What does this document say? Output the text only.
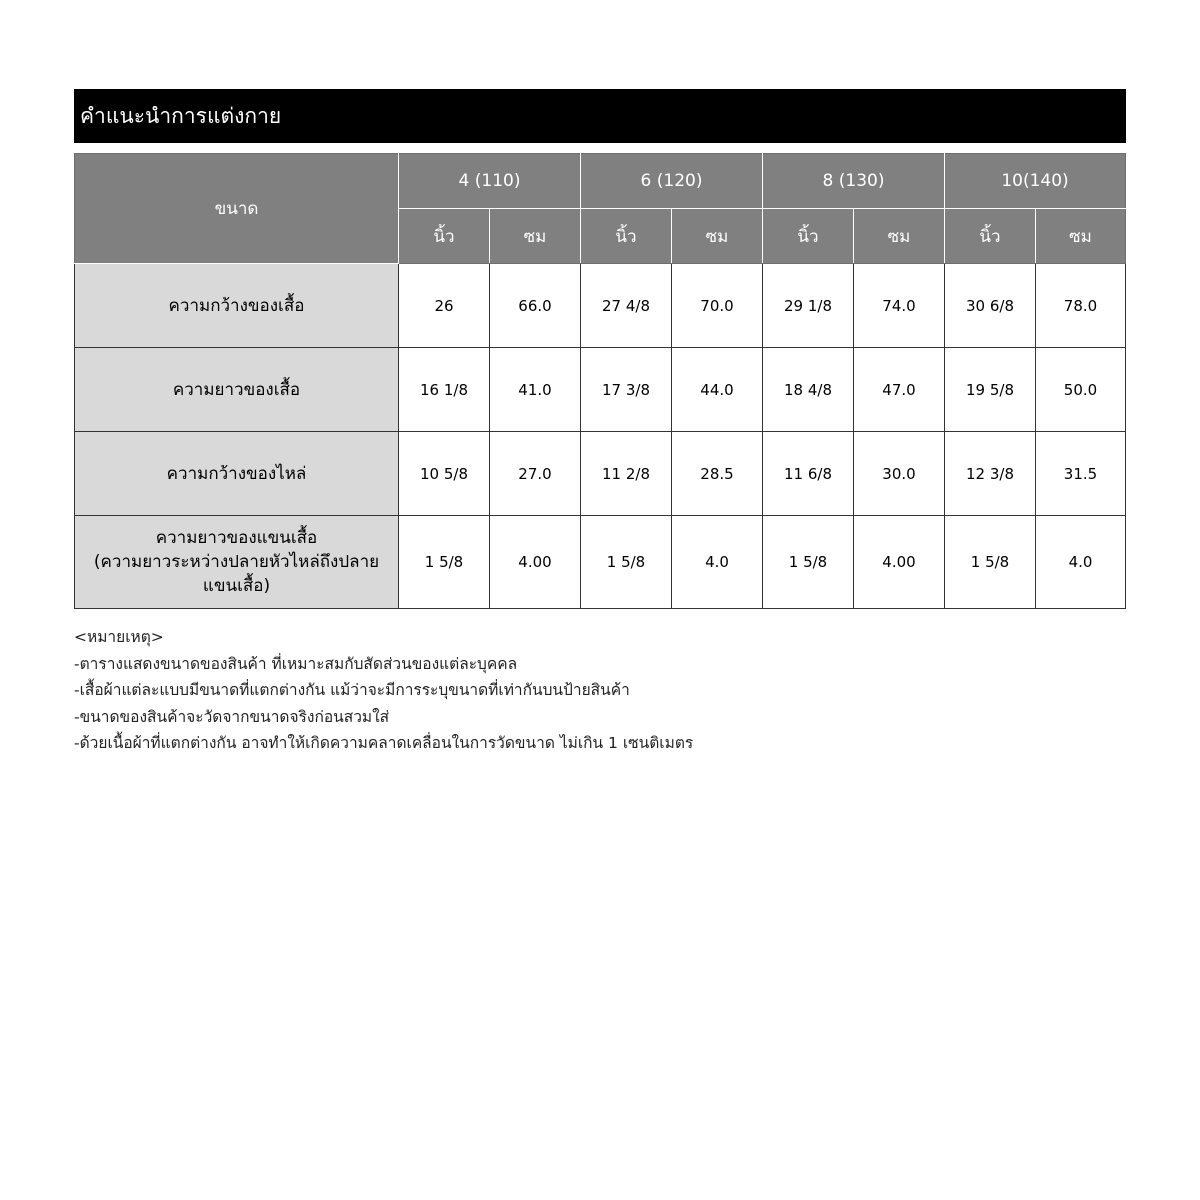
คำแนะนำการแต่งกาย
ขนาด	4 (110)		6 (120)		8 (130)		10(140)	
	นิ้ว	ซม	นิ้ว	ซม	นิ้ว	ซม	นิ้ว	ซม
ความกว้างของเสื้อ	26	66.0	27 4/8	70.0	29 1/8	74.0	30 6/8	78.0
ความยาวของเสื้อ	16 1/8	41.0	17 3/8	44.0	18 4/8	47.0	19 5/8	50.0
ความกว้างของไหล่	10 5/8	27.0	11 2/8	28.5	11 6/8	30.0	12 3/8	31.5

ความยาวของแขนเสื้อ
(ความยาวระหว่างปลายหัวไหล่ถึงปลาย
แขนเสื้อ)	1 5/8	4.00	1 5/8	4.0	1 5/8	4.00	1 5/8	4.0
<หมายเหตุ>
-ตารางแสดงขนาดของสินค้า ที่เหมาะสมกับสัดส่วนของแต่ละบุคคล
-เสื้อผ้าแต่ละแบบมีขนาดที่แตกต่างกัน แม้ว่าจะมีการระบุขนาดที่เท่ากันบนป้ายสินค้า
-ขนาดของสินค้าจะวัดจากขนาดจริงก่อนสวมใส่
-ด้วยเนื้อผ้าที่แตกต่างกัน อาจทำให้เกิดความคลาดเคลื่อนในการวัดขนาด ไม่เกิน 1 เซนติเมตร
